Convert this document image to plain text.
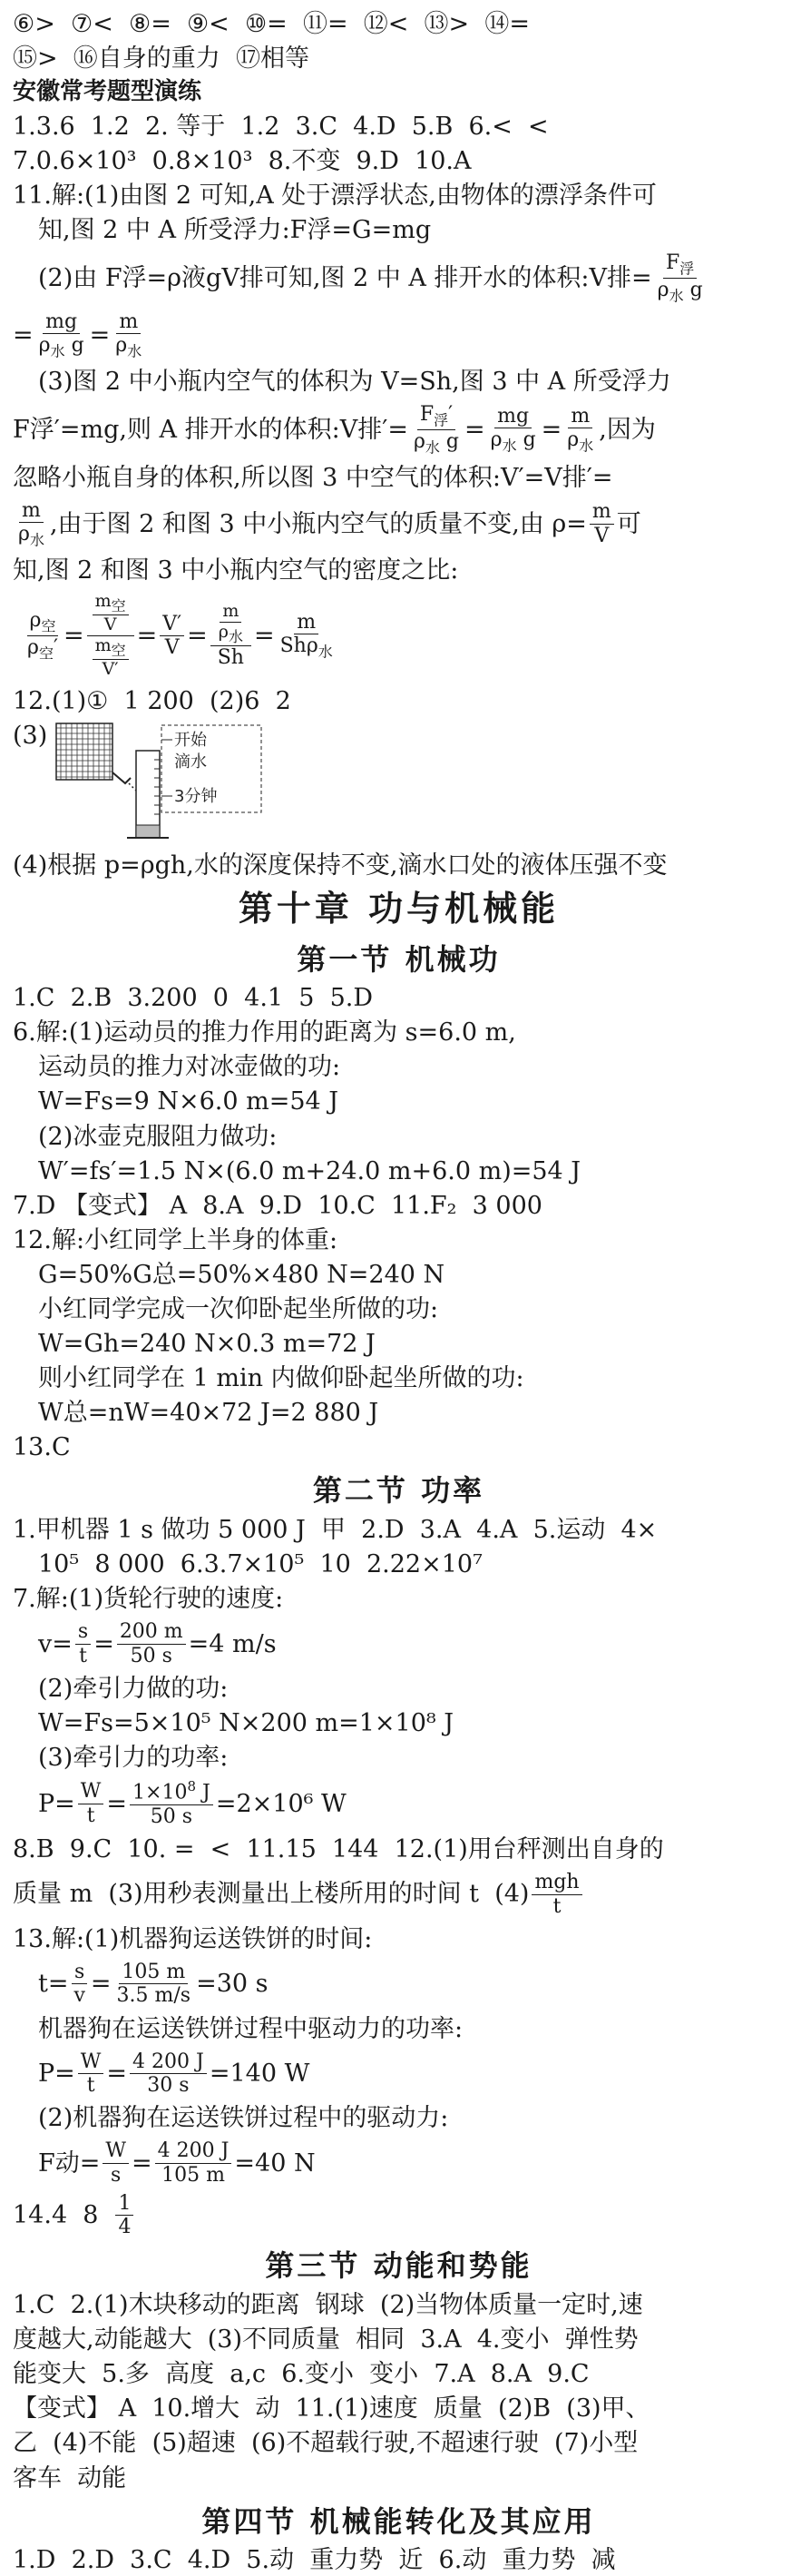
⑥>  ⑦<  ⑧=  ⑨<  ⑩=  ⑪=  ⑫<  ⑬>  ⑭=
⑮>  ⑯自身的重力  ⑰相等
安徽常考题型演练
1.3.6  1.2  2. 等于  1.2  3.C  4.D  5.B  6.<  <
7.0.6×10³  0.8×10³  8.不变  9.D  10.A
11.解:(1)由图 2 可知,A 处于漂浮状态,由物体的漂浮条件可
知,图 2 中 A 所受浮力:F浮=G=mg
(2)由 F浮=ρ液gV排可知,图 2 中 A 排开水的体积:V排= $\frac{F_浮}{\rho_水 g}$
= $\frac{mg}{\rho_水 g} = \frac{m}{\rho_水}$
(3)图 2 中小瓶内空气的体积为 V=Sh,图 3 中 A 所受浮力
F浮′=mg,则 A 排开水的体积:V排′= $\frac{F_浮'}{\rho_水 g} = \frac{mg}{\rho_水 g} = \frac{m}{\rho_水}$ ,因为
忽略小瓶自身的体积,所以图 3 中空气的体积:V′=V排′=
$\frac{m}{\rho_水}$ ,由于图 2 和图 3 中小瓶内空气的质量不变,由 $\rho= \frac{m}{V}$ 可
知,图 2 和图 3 中小瓶内空气的密度之比:
$\frac{\rho_空}{\rho_空'} = \frac{\frac{m_空}{V}}{\frac{m_空}{V'}} = \frac{V'}{V} = \frac{\frac{m}{\rho_水}}{Sh} = \frac{m}{Sh\rho_水}$
12.(1)①  1 200  (2)6  2
(3)	开始
滴水
3分钟
(4)根据 p=ρgh,水的深度保持不变,滴水口处的液体压强不变
第十章 功与机械能
第一节 机械功
1.C  2.B  3.200  0  4.1  5  5.D
6.解:(1)运动员的推力作用的距离为 s=6.0 m,
运动员的推力对冰壶做的功:
W=Fs=9 N×6.0 m=54 J
(2)冰壶克服阻力做功:
W′=fs′=1.5 N×(6.0 m+24.0 m+6.0 m)=54 J
7.D 【变式】 A  8.A  9.D  10.C  11.F₂  3 000
12.解:小红同学上半身的体重:
G=50%G总=50%×480 N=240 N
小红同学完成一次仰卧起坐所做的功:
W=Gh=240 N×0.3 m=72 J
则小红同学在 1 min 内做仰卧起坐所做的功:
W总=nW=40×72 J=2 880 J
13.C
第二节 功率
1.甲机器 1 s 做功 5 000 J  甲  2.D  3.A  4.A  5.运动  4×
10⁵  8 000  6.3.7×10⁵  10  2.22×10⁷
7.解:(1)货轮行驶的速度:
$v= \frac{s}{t} = \frac{200 m}{50 s} =4$ m/s
(2)牵引力做的功:
W=Fs=5×10⁵ N×200 m=1×10⁸ J
(3)牵引力的功率:
$P= \frac{W}{t} = \frac{1\times 10^8 J}{50 s} =2\times 10^6$ W
8.B  9.C  10. =  <  11.15  144  12.(1)用台秤测出自身的
质量 m  (3)用秒表测量出上楼所用的时间 t  $(4) \frac{\text{mgh}}{t}$
13.解:(1)机器狗运送铁饼的时间:
$t= \frac{s}{v} = \frac{105 m}{3.5 m/s} =30$ s
机器狗在运送铁饼过程中驱动力的功率:
$P= \frac{W}{t} = \frac{4 200 J}{30 s} =140$ W
(2)机器狗在运送铁饼过程中的驱动力:
F动= $\frac{W}{s} = \frac{4 200 J}{105 m} =40$ N
14.4  $8 \frac{1}{4}$
第三节 动能和势能
1.C  2.(1)木块移动的距离  钢球  (2)当物体质量一定时,速
度越大,动能越大  (3)不同质量  相同  3.A  4.变小  弹性势
能变大  5.多  高度  a,c  6.变小  变小  7.A  8.A  9.C
【变式】 A  10.增大  动  11.(1)速度  质量  (2)B  (3)甲、
乙  (4)不能  (5)超速  (6)不超载行驶,不超速行驶  (7)小型
客车  动能
第四节 机械能转化及其应用
1.D  2.D  3.C  4.D  5.动  重力势  近  6.动  重力势  减
